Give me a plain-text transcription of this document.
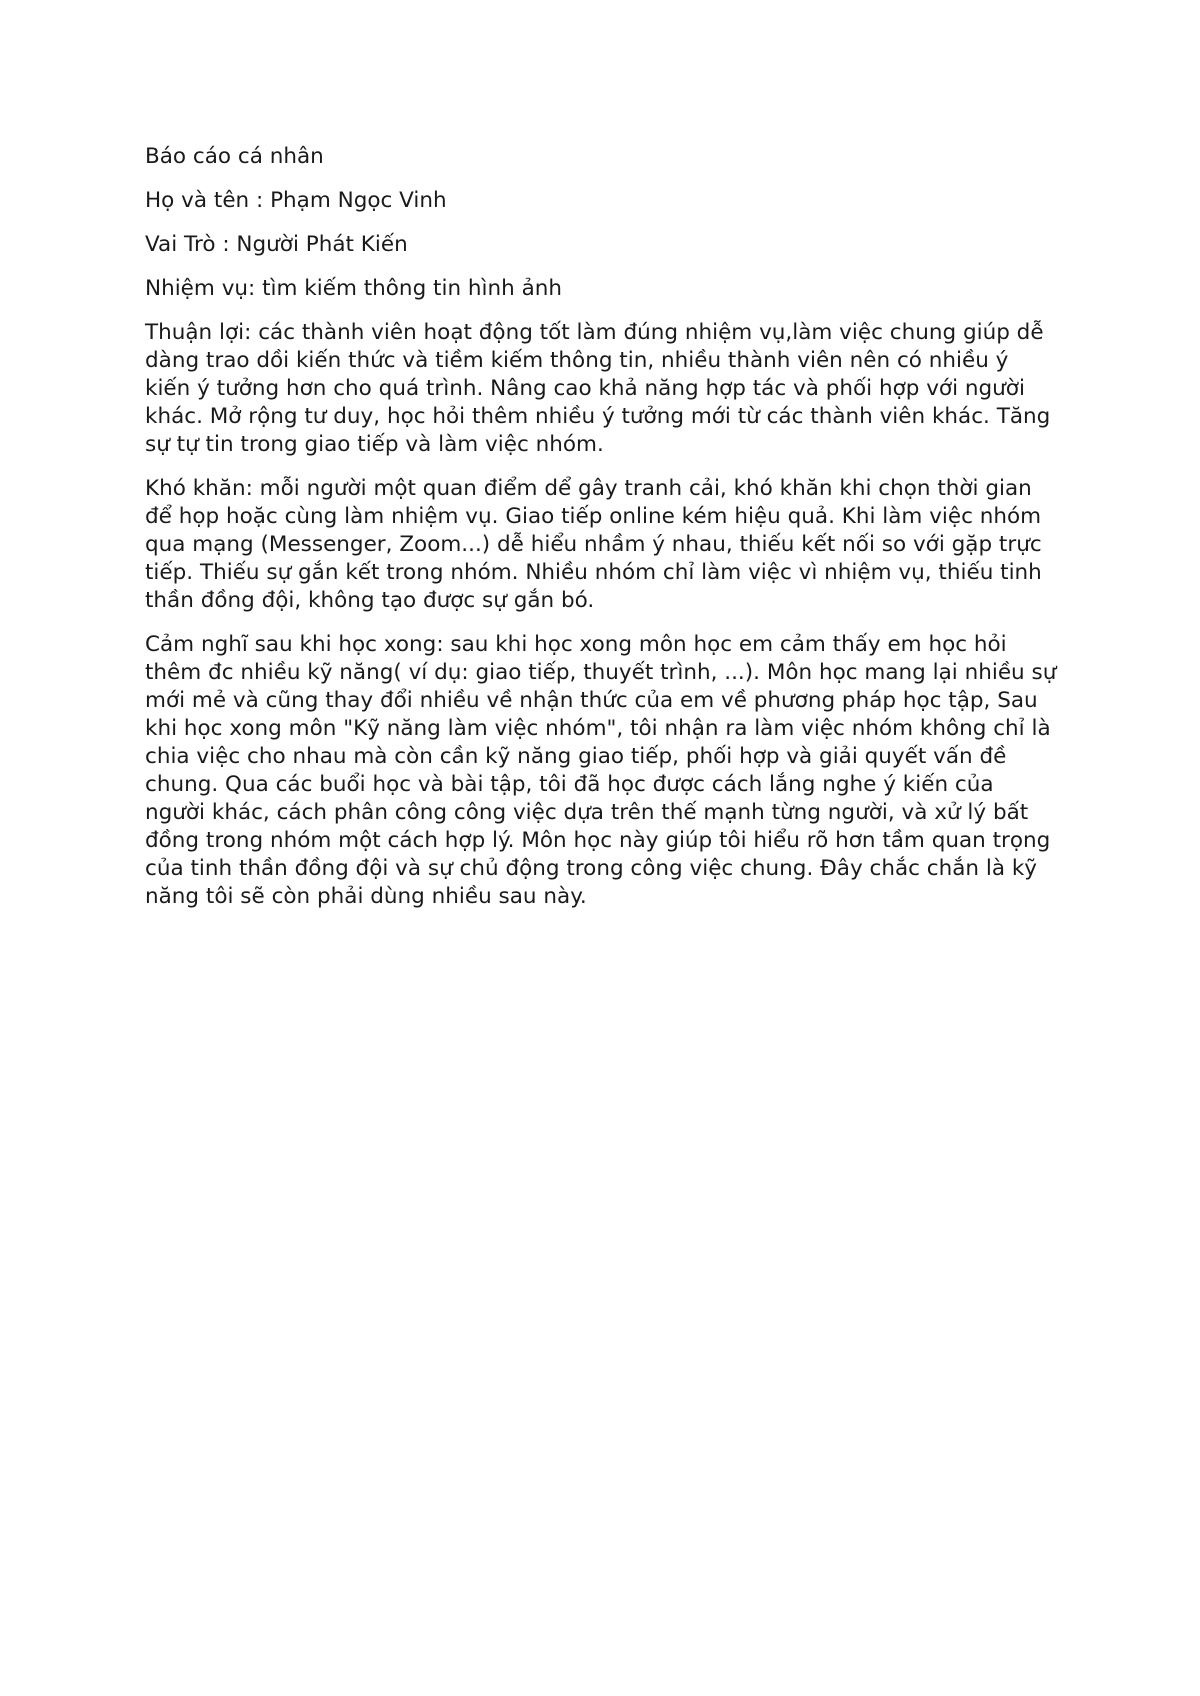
Báo cáo cá nhân

Họ và tên : Phạm Ngọc Vinh

Vai Trò : Người Phát Kiến

Nhiệm vụ: tìm kiếm thông tin hình ảnh

Thuận lợi: các thành viên hoạt động tốt làm đúng nhiệm vụ,làm việc chung giúp dễ dàng trao dồi kiến thức và tiềm kiếm thông tin, nhiều thành viên nên có nhiều ý kiến ý tưởng hơn cho quá trình. Nâng cao khả năng hợp tác và phối hợp với người khác. Mở rộng tư duy, học hỏi thêm nhiều ý tưởng mới từ các thành viên khác. Tăng sự tự tin trong giao tiếp và làm việc nhóm.

Khó khăn: mỗi người một quan điểm dể gây tranh cải, khó khăn khi chọn thời gian để họp hoặc cùng làm nhiệm vụ. Giao tiếp online kém hiệu quả. Khi làm việc nhóm qua mạng (Messenger, Zoom...) dễ hiểu nhầm ý nhau, thiếu kết nối so với gặp trực tiếp. Thiếu sự gắn kết trong nhóm. Nhiều nhóm chỉ làm việc vì nhiệm vụ, thiếu tinh thần đồng đội, không tạo được sự gắn bó.

Cảm nghĩ sau khi học xong: sau khi học xong môn học em cảm thấy em học hỏi thêm đc nhiều kỹ năng( ví dụ: giao tiếp, thuyết trình, ...). Môn học mang lại nhiều sự mới mẻ và cũng thay đổi nhiều về nhận thức của em về phương pháp học tập, Sau khi học xong môn "Kỹ năng làm việc nhóm", tôi nhận ra làm việc nhóm không chỉ là chia việc cho nhau mà còn cần kỹ năng giao tiếp, phối hợp và giải quyết vấn đề chung. Qua các buổi học và bài tập, tôi đã học được cách lắng nghe ý kiến của người khác, cách phân công công việc dựa trên thế mạnh từng người, và xử lý bất đồng trong nhóm một cách hợp lý. Môn học này giúp tôi hiểu rõ hơn tầm quan trọng của tinh thần đồng đội và sự chủ động trong công việc chung. Đây chắc chắn là kỹ năng tôi sẽ còn phải dùng nhiều sau này.
